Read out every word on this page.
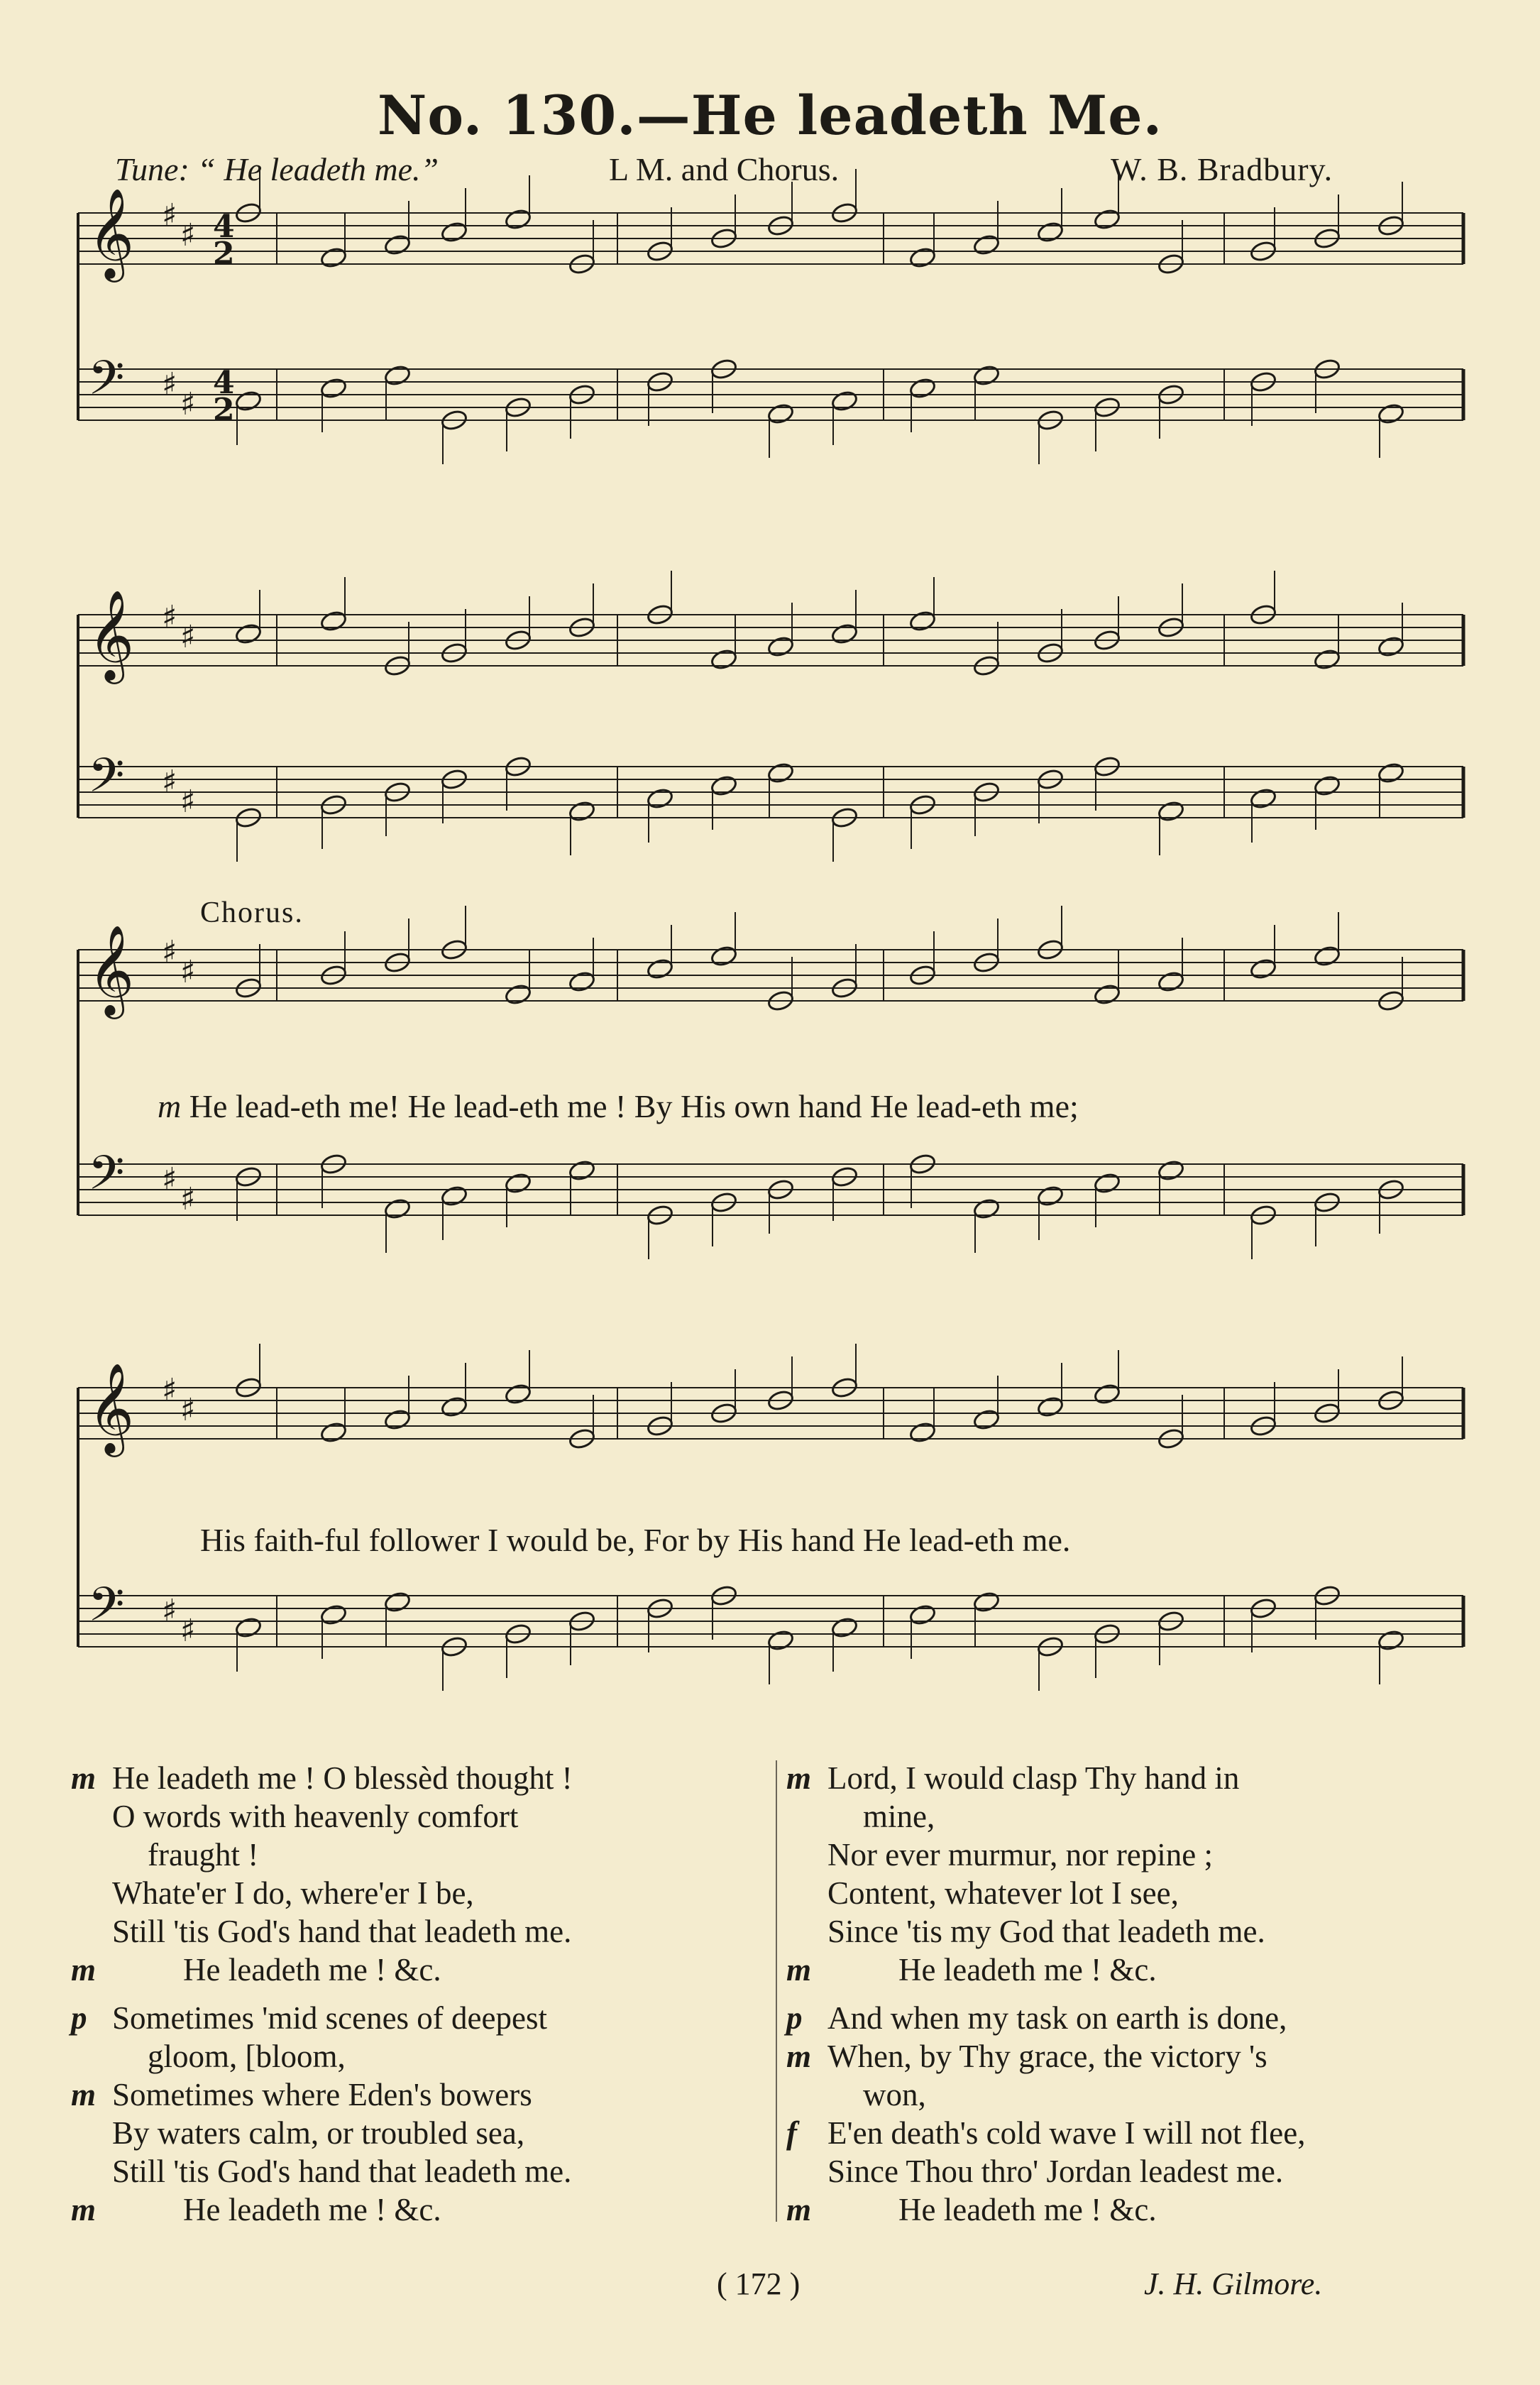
No. 130.—He leadeth Me.
Tune: “ He leadeth me.”	L M. and Chorus.	W. B. Bradbury.
𝄞 ♯
♯
𝄢 ♯
♯
𝄞 ♯
♯
𝄢 ♯
♯
𝄞 ♯
♯
𝄢 ♯
♯
𝄞 ♯
♯
𝄢 ♯
♯
4
2
4
2
Chorus.
m He lead-eth me! He lead-eth me ! By His own hand He lead-eth me;
His faith-ful follower I would be, For by His hand He lead-eth me.
m He leadeth me ! O blessèd thought !
O words with heavenly comfort
fraught !
Whate'er I do, where'er I be,
Still 'tis God's hand that leadeth me.
m	He leadeth me ! &c.
p Sometimes 'mid scenes of deepest
gloom, [bloom,
m Sometimes where Eden's bowers
By waters calm, or troubled sea,
Still 'tis God's hand that leadeth me.
m	He leadeth me ! &c.
m Lord, I would clasp Thy hand in
mine,
Nor ever murmur, nor repine ;
Content, whatever lot I see,
Since 'tis my God that leadeth me.
m	He leadeth me ! &c.
p And when my task on earth is done,
m When, by Thy grace, the victory 's
won,
f E'en death's cold wave I will not flee,
Since Thou thro' Jordan leadest me.
m	He leadeth me ! &c.
( 172 )	J. H. Gilmore.
